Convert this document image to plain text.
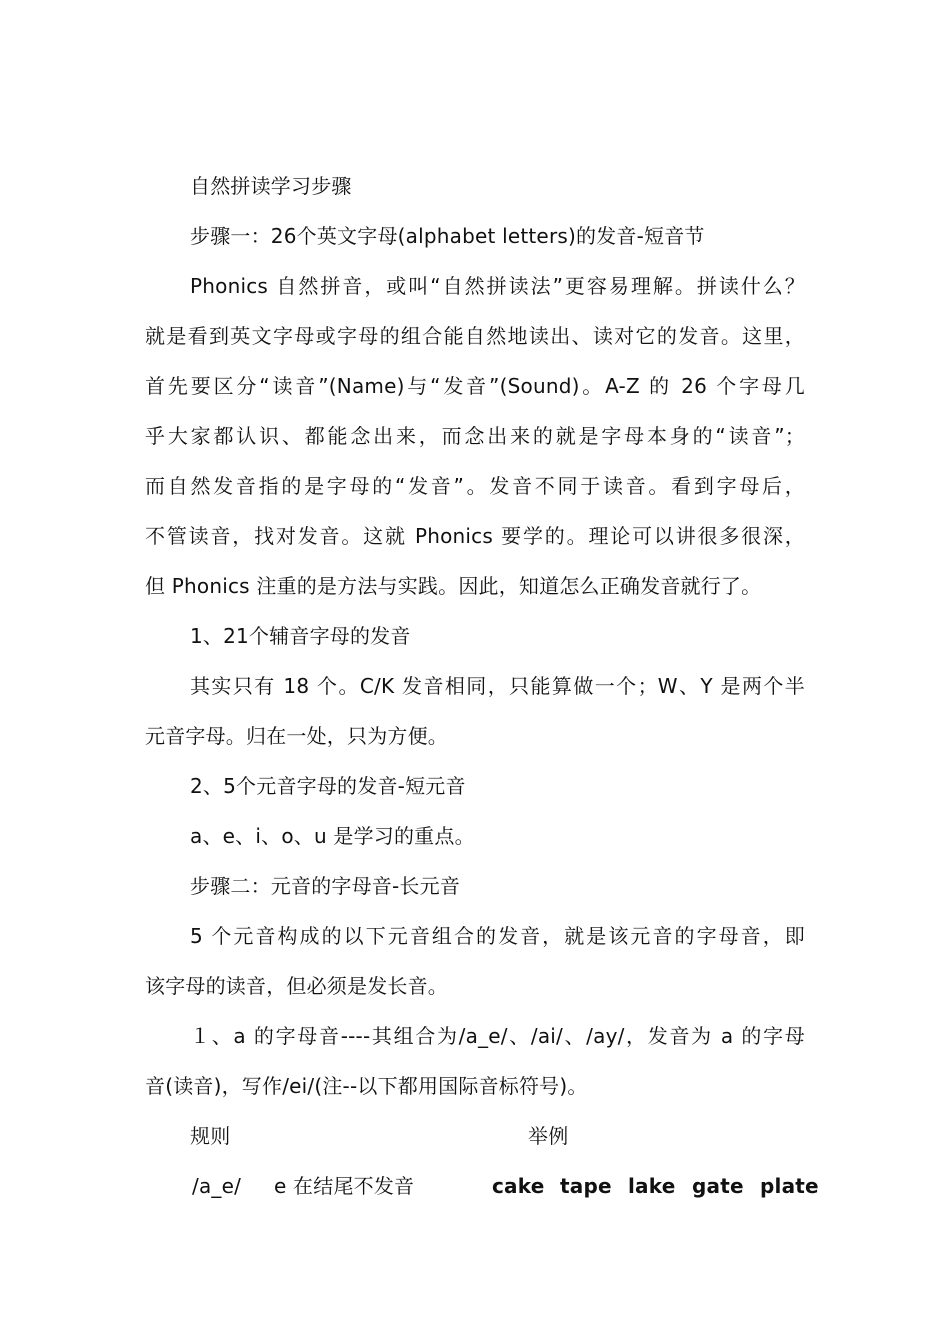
自然拼读学习步骤
步骤一：26个英文字母(alphabet letters)的发音-短音节
Phonics 自然拼音，或叫“自然拼读法”更容易理解。拼读什么？
就是看到英文字母或字母的组合能自然地读出、读对它的发音。这里，
首先要区分“读音”(Name)与“发音”(Sound)。A-Z 的 26 个字母几
乎大家都认识、都能念出来，而念出来的就是字母本身的“读音”；
而自然发音指的是字母的“发音”。发音不同于读音。看到字母后，
不管读音，找对发音。这就 Phonics 要学的。理论可以讲很多很深，
但 Phonics 注重的是方法与实践。因此，知道怎么正确发音就行了。
1、21个辅音字母的发音
其实只有 18 个。C/K 发音相同，只能算做一个；W、Y 是两个半
元音字母。归在一处，只为方便。
2、5个元音字母的发音-短元音
a、e、i、o、u 是学习的重点。
步骤二：元音的字母音-长元音
5 个元音构成的以下元音组合的发音，就是该元音的字母音，即
该字母的读音，但必须是发长音。
１、a 的字母音----其组合为/a_e/、/ai/、/ay/，发音为 a 的字母
音(读音)，写作/ei/(注--以下都用国际音标符号)。
规则	举例
/a_e/ e 在结尾不发音	cake tape lake gate plate
